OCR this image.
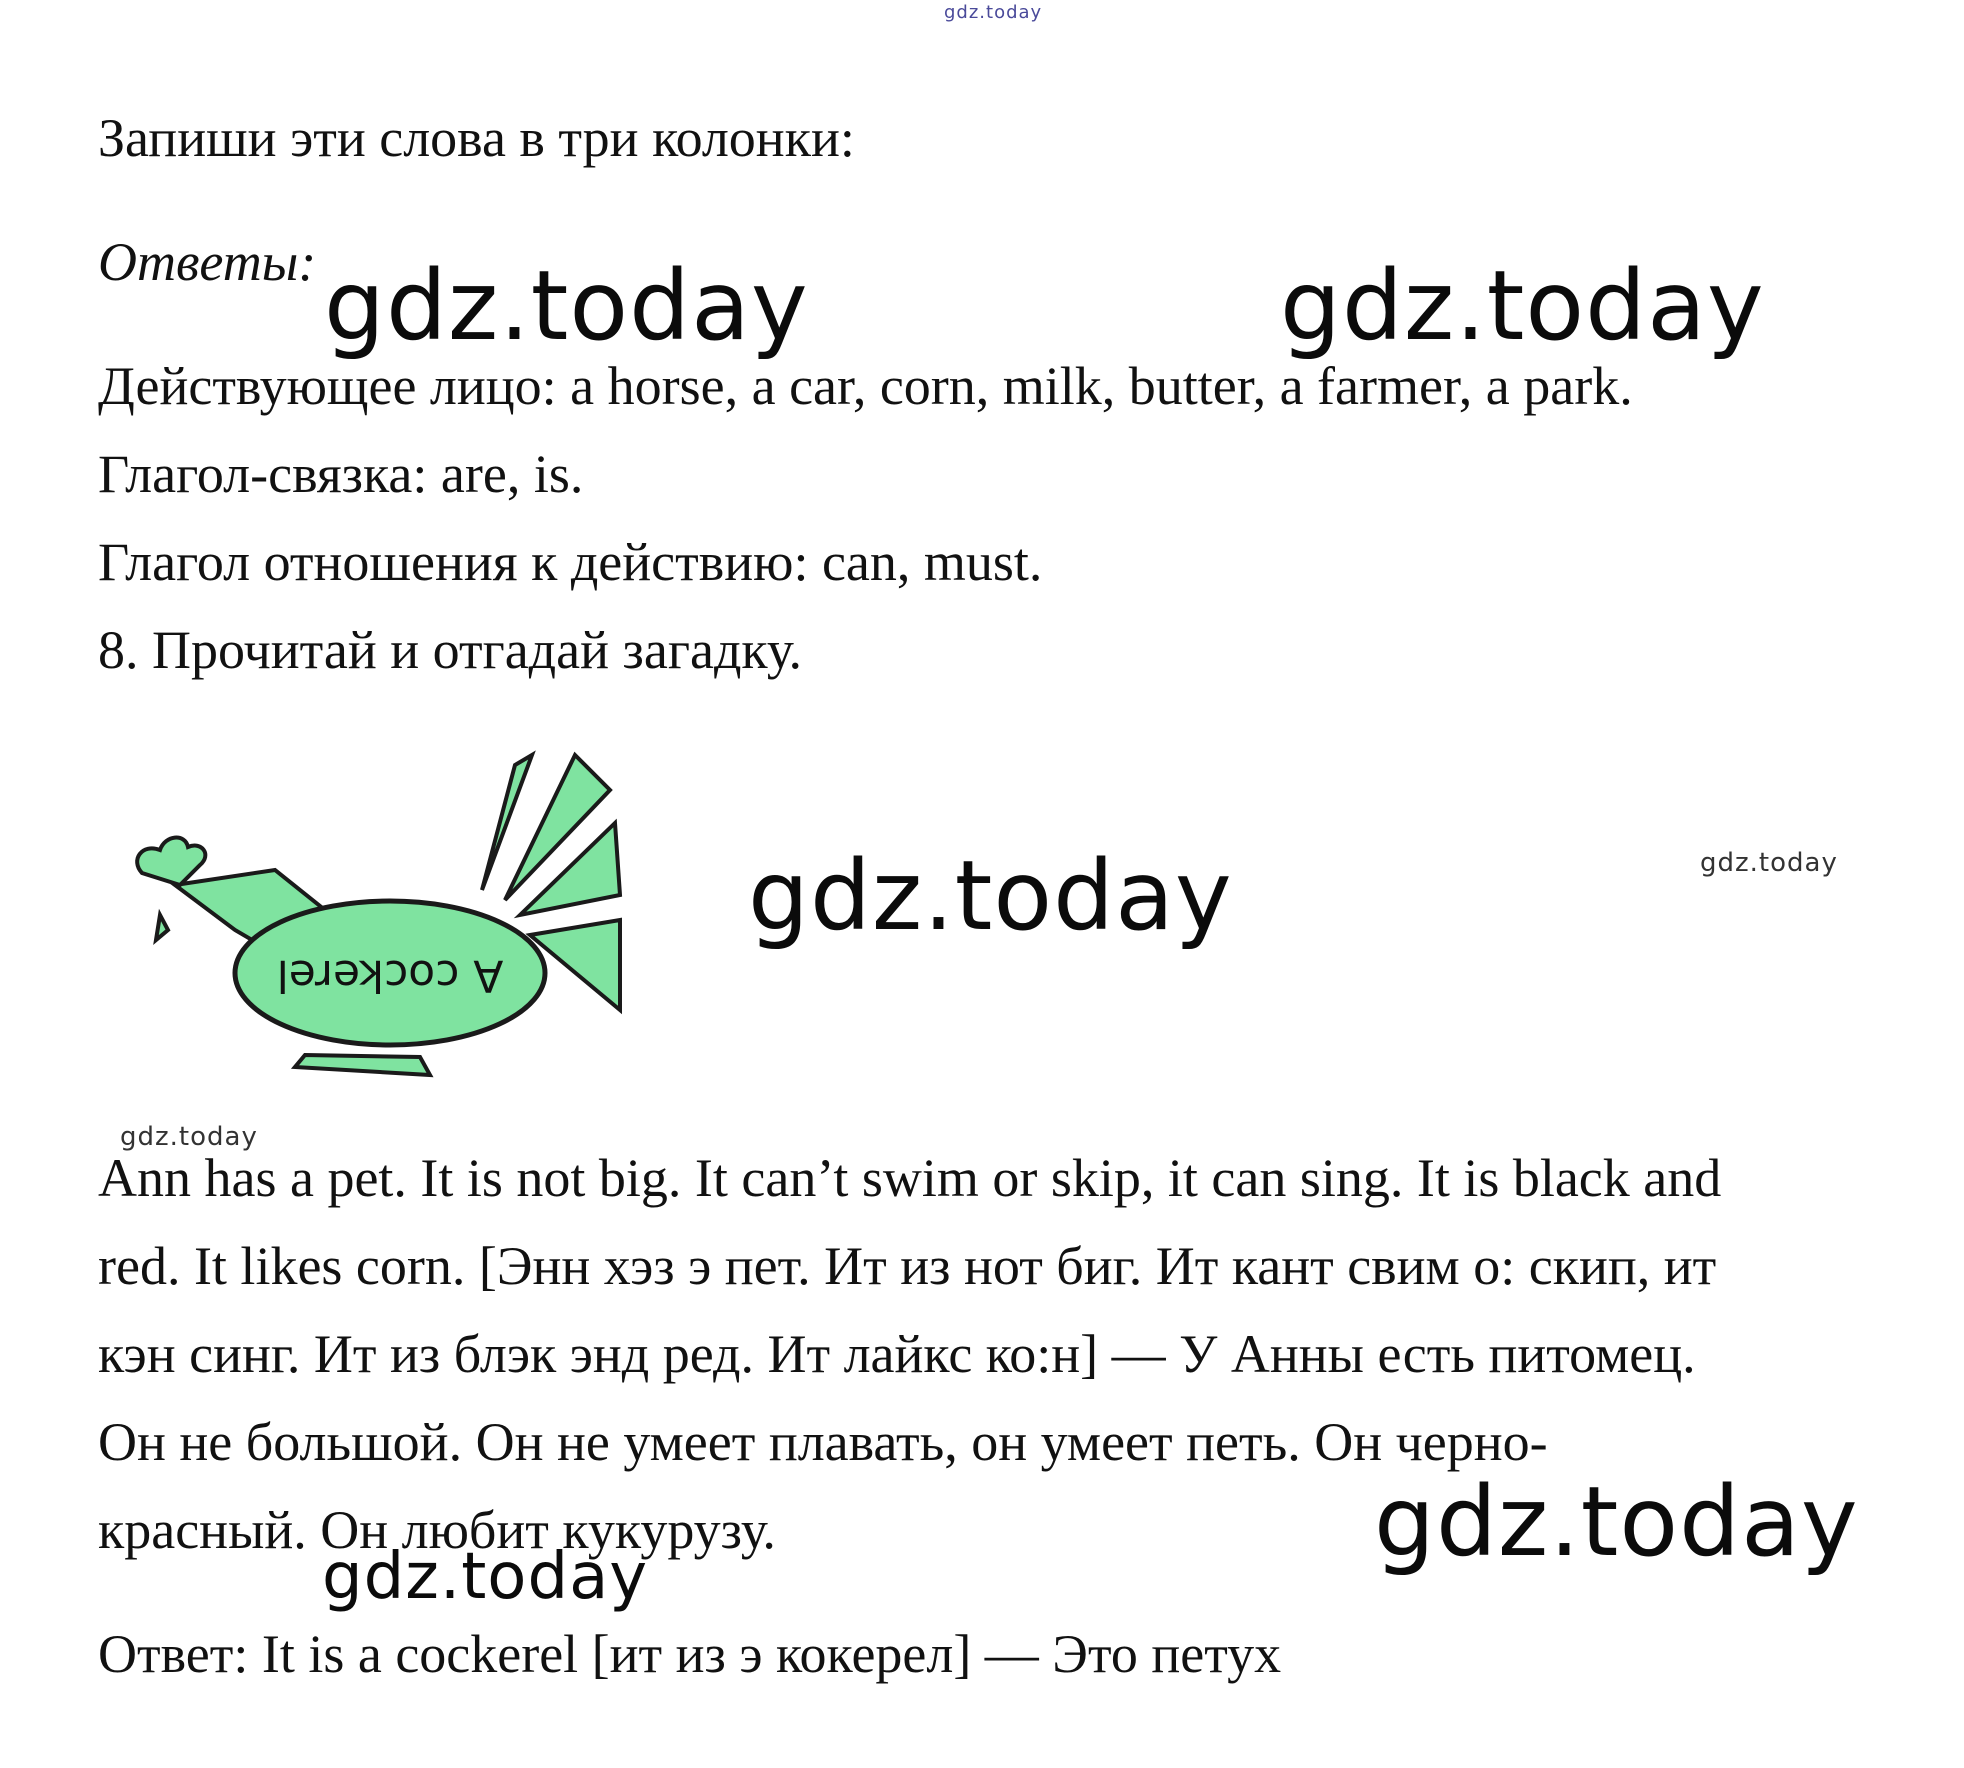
gdz.today
Запиши эти слова в три колонки:
Ответы: gdz.today	gdz.today
Действующее лицо: a horse, a car, corn, milk, butter, a farmer, a park.
Глагол-связка: are, is.
Глагол отношения к действию: can, must.
8. Прочитай и отгадай загадку.
A cockerel
gdz.today	gdz.today
gdz.today
Ann has a pet. It is not big. It can’t swim or skip, it can sing. It is black and
red. It likes corn. [Энн хэз э пет. Ит из нот биг. Ит кант свим о: скип, ит
кэн синг. Ит из блэк энд ред. Ит лайкс ко:н] — У Анны есть питомец.
Он не большой. Он не умеет плавать, он умеет петь. Он черно-
красный. Он любит кукурузу.	gdz.today
gdz.today
Ответ: It is a cockerel [ит из э кокерел] — Это петух
